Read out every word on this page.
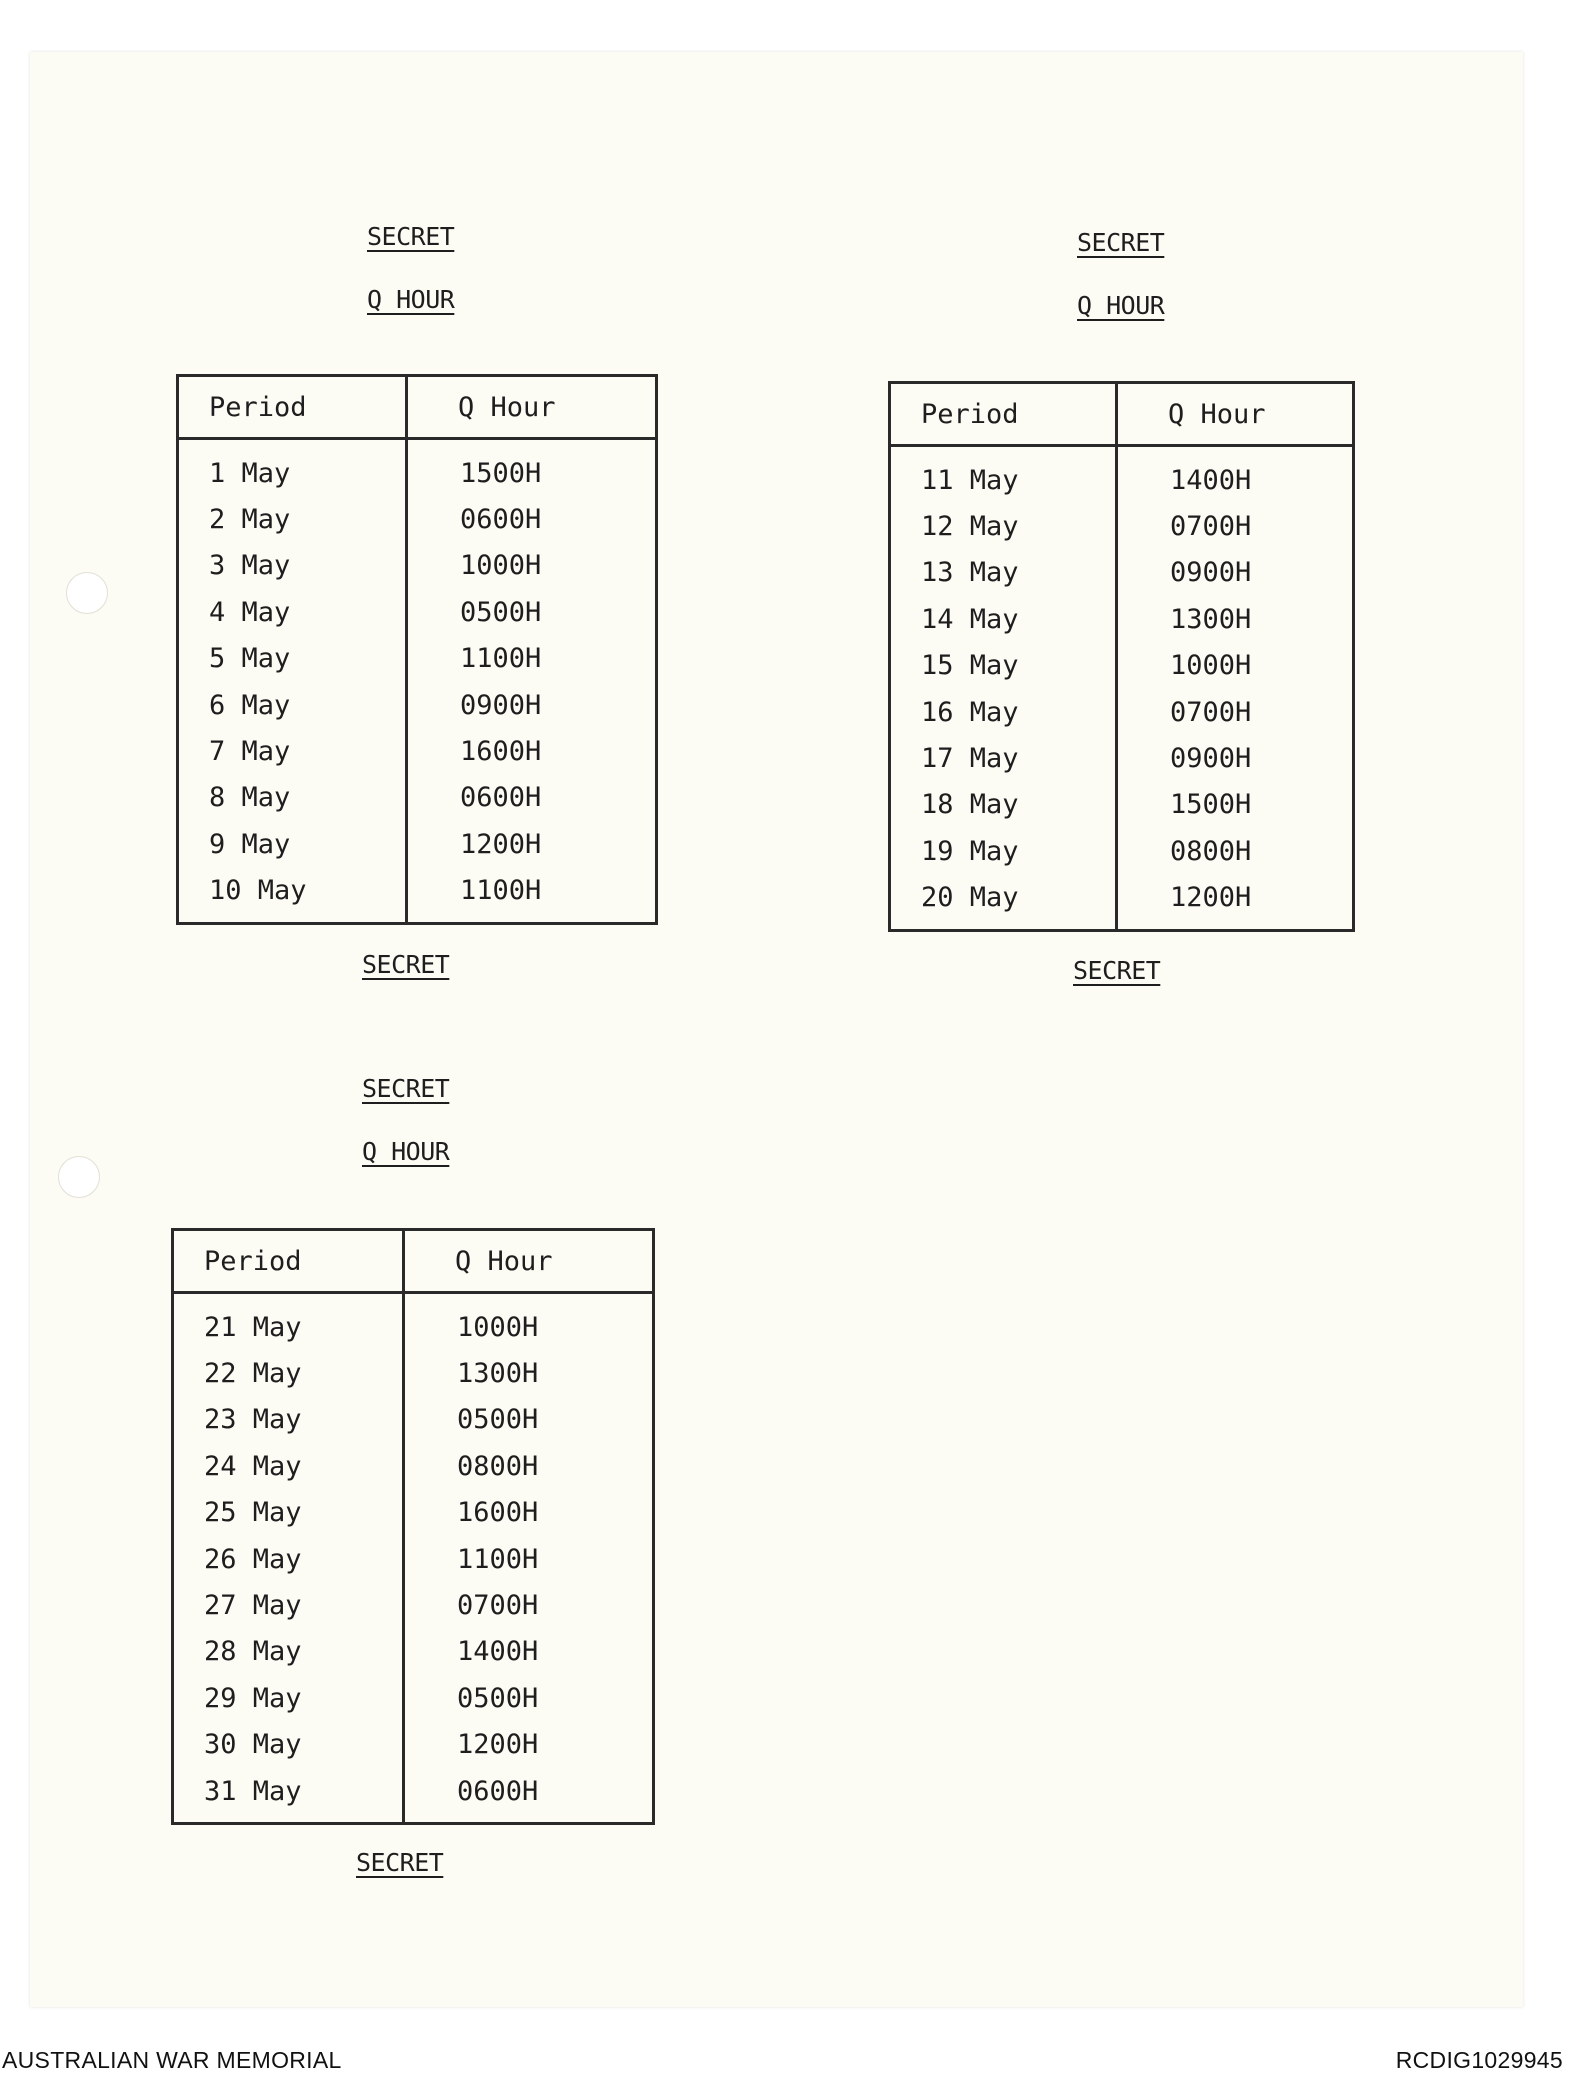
SECRET
Q HOUR
Period	Q Hour
1 May	1500H
2 May	0600H
3 May	1000H
4 May	0500H
5 May	1100H
6 May	0900H
7 May	1600H
8 May	0600H
9 May	1200H
10 May	1100H
SECRET
SECRET
Q HOUR
Period	Q Hour
11 May	1400H
12 May	0700H
13 May	0900H
14 May	1300H
15 May	1000H
16 May	0700H
17 May	0900H
18 May	1500H
19 May	0800H
20 May	1200H
SECRET
SECRET
Q HOUR
Period	Q Hour
21 May	1000H
22 May	1300H
23 May	0500H
24 May	0800H
25 May	1600H
26 May	1100H
27 May	0700H
28 May	1400H
29 May	0500H
30 May	1200H
31 May	0600H
SECRET
AUSTRALIAN WAR MEMORIAL	RCDIG1029945
